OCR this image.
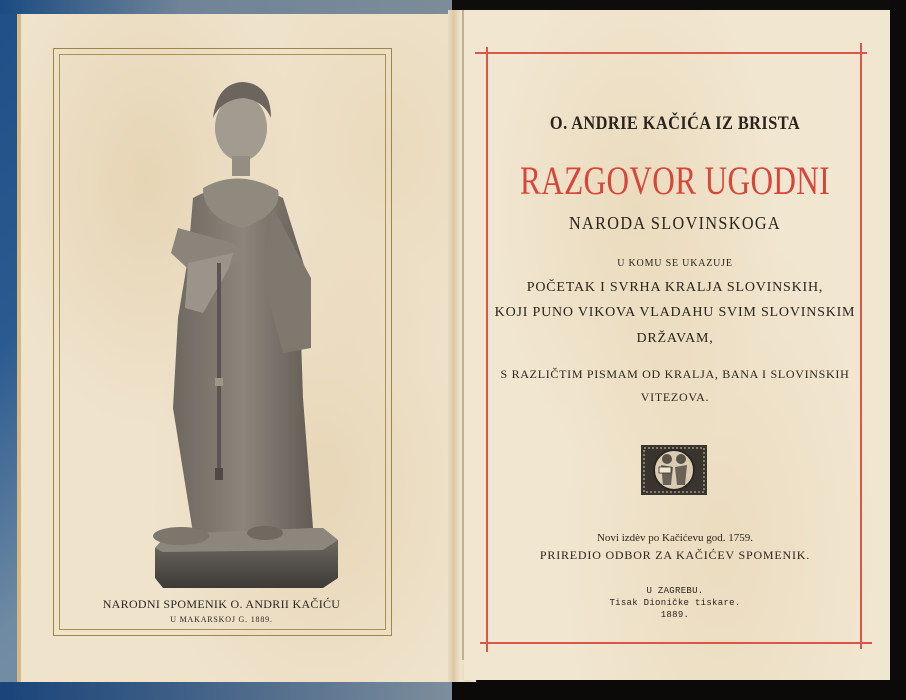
NARODNI SPOMENIK O. ANDRII KAČIĆU
U MAKARSKOJ G. 1889.
O. ANDRIE KAČIĆA IZ BRISTA
RAZGOVOR UGODNI
NARODA SLOVINSKOGA
U KOMU SE UKAZUJE
POČETAK I SVRHA KRALJA SLOVINSKIH,
KOJI PUNO VIKOVA VLADAHU SVIM SLOVINSKIM
DRŽAVAM,
S RAZLIČTIM PISMAM OD KRALJA, BANA I SLOVINSKIH
VITEZOVA.
Novi izdèv po Kačićevu god. 1759.
PRIREDIO ODBOR ZA KAČIĆEV SPOMENIK.
U ZAGREBU.
Tisak Dioničke tiskare.
1889.
